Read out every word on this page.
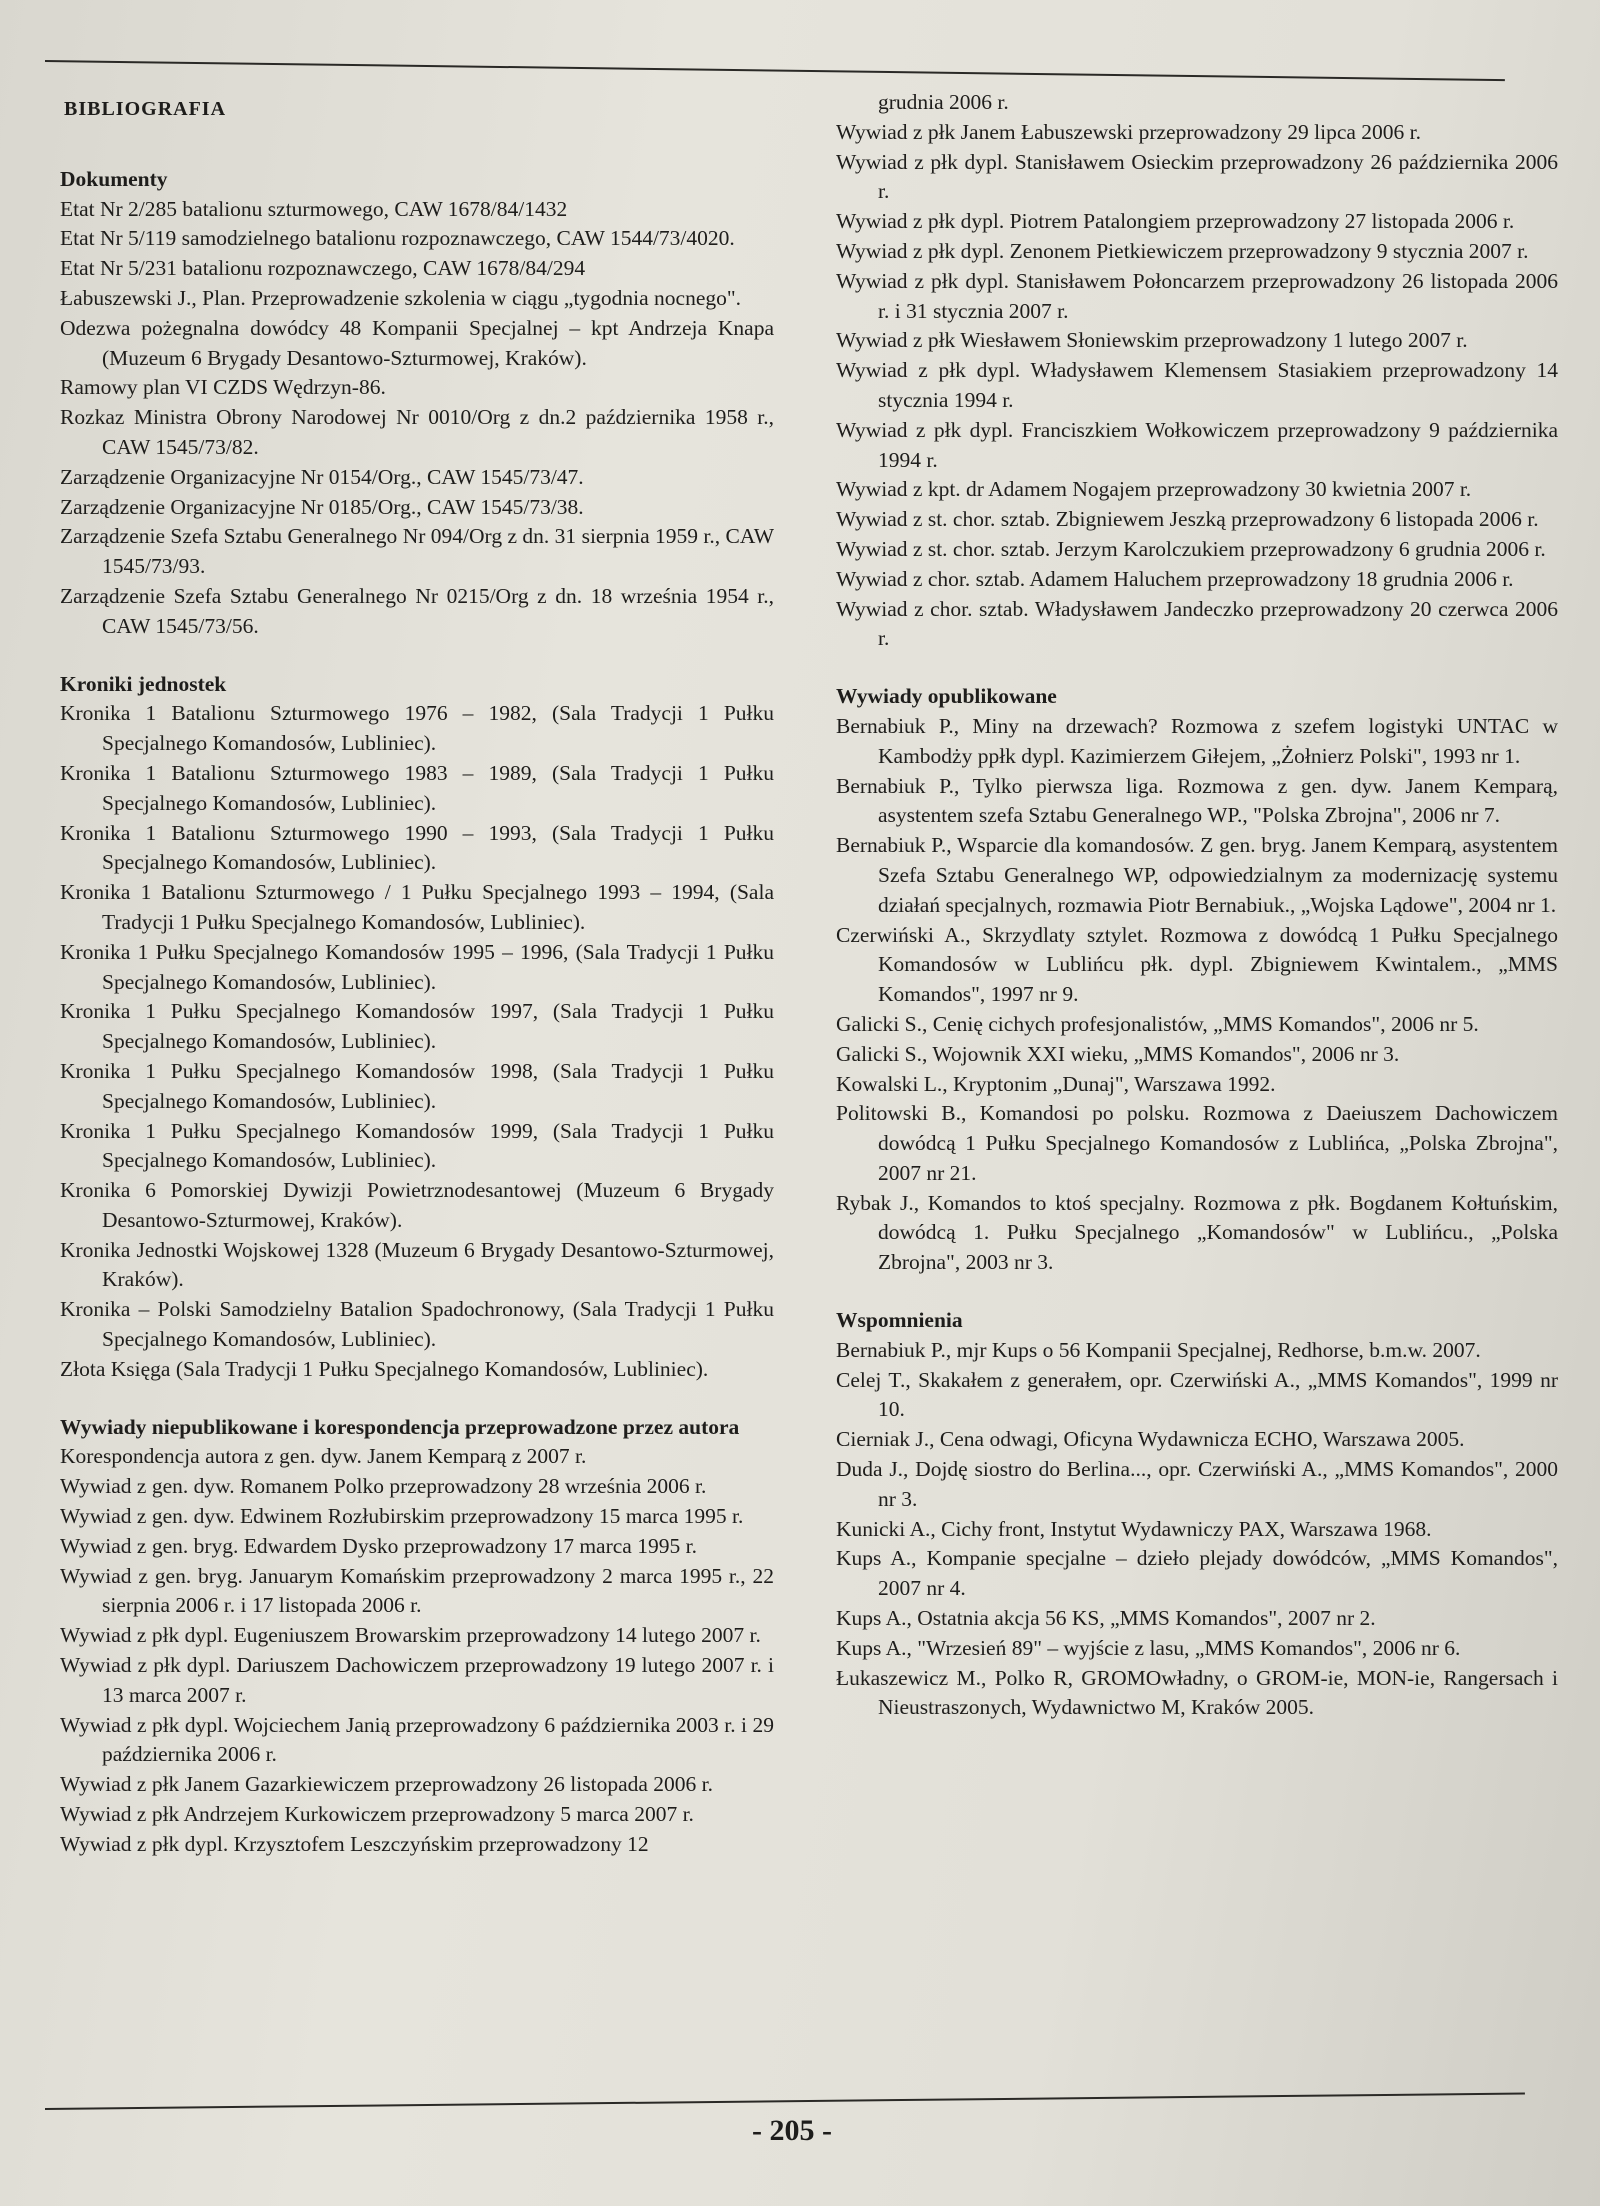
BIBLIOGRAFIA
Dokumenty

Etat Nr 2/285 batalionu szturmowego, CAW 1678/84/1432

Etat Nr 5/119 samodzielnego batalionu rozpoznawczego, CAW 1544/73/4020.

Etat Nr 5/231 batalionu rozpoznawczego, CAW 1678/84/294

Łabuszewski J., Plan. Przeprowadzenie szkolenia w ciągu „tygodnia nocnego".

Odezwa pożegnalna dowódcy 48 Kompanii Specjalnej – kpt Andrzeja Knapa (Muzeum 6 Brygady Desantowo-Szturmowej, Kraków).

Ramowy plan VI CZDS Wędrzyn-86.

Rozkaz Ministra Obrony Narodowej Nr 0010/Org z dn.2 października 1958 r., CAW 1545/73/82.

Zarządzenie Organizacyjne Nr 0154/Org., CAW 1545/73/47.

Zarządzenie Organizacyjne Nr 0185/Org., CAW 1545/73/38.

Zarządzenie Szefa Sztabu Generalnego Nr 094/Org z dn. 31 sierpnia 1959 r., CAW 1545/73/93.

Zarządzenie Szefa Sztabu Generalnego Nr 0215/Org z dn. 18 września 1954 r., CAW 1545/73/56.

Kroniki jednostek

Kronika 1 Batalionu Szturmowego 1976 – 1982, (Sala Tradycji 1 Pułku Specjalnego Komandosów, Lubliniec).

Kronika 1 Batalionu Szturmowego 1983 – 1989, (Sala Tradycji 1 Pułku Specjalnego Komandosów, Lubliniec).

Kronika 1 Batalionu Szturmowego 1990 – 1993, (Sala Tradycji 1 Pułku Specjalnego Komandosów, Lubliniec).

Kronika 1 Batalionu Szturmowego / 1 Pułku Specjalnego 1993 – 1994, (Sala Tradycji 1 Pułku Specjalnego Komandosów, Lubliniec).

Kronika 1 Pułku Specjalnego Komandosów 1995 – 1996, (Sala Tradycji 1 Pułku Specjalnego Komandosów, Lubliniec).

Kronika 1 Pułku Specjalnego Komandosów 1997, (Sala Tradycji 1 Pułku Specjalnego Komandosów, Lubliniec).

Kronika 1 Pułku Specjalnego Komandosów 1998, (Sala Tradycji 1 Pułku Specjalnego Komandosów, Lubliniec).

Kronika 1 Pułku Specjalnego Komandosów 1999, (Sala Tradycji 1 Pułku Specjalnego Komandosów, Lubliniec).

Kronika 6 Pomorskiej Dywizji Powietrznodesantowej (Muzeum 6 Brygady Desantowo-Szturmowej, Kraków).

Kronika Jednostki Wojskowej 1328 (Muzeum 6 Brygady Desantowo-Szturmowej, Kraków).

Kronika – Polski Samodzielny Batalion Spadochronowy, (Sala Tradycji 1 Pułku Specjalnego Komandosów, Lubliniec).

Złota Księga (Sala Tradycji 1 Pułku Specjalnego Komandosów, Lubliniec).

Wywiady niepublikowane i korespondencja przeprowadzone przez autora

Korespondencja autora z gen. dyw. Janem Kemparą z 2007 r.

Wywiad z gen. dyw. Romanem Polko przeprowadzony 28 września 2006 r.

Wywiad z gen. dyw. Edwinem Rozłubirskim przeprowadzony 15 marca 1995 r.

Wywiad z gen. bryg. Edwardem Dysko przeprowadzony 17 marca 1995 r.

Wywiad z gen. bryg. Januarym Komańskim przeprowadzony 2 marca 1995 r., 22 sierpnia 2006 r. i 17 listopada 2006 r.

Wywiad z płk dypl. Eugeniuszem Browarskim przeprowadzony 14 lutego 2007 r.

Wywiad z płk dypl. Dariuszem Dachowiczem przeprowadzony 19 lutego 2007 r. i 13 marca 2007 r.

Wywiad z płk dypl. Wojciechem Janią przeprowadzony 6 października 2003 r. i 29 października 2006 r.

Wywiad z płk Janem Gazarkiewiczem przeprowadzony 26 listopada 2006 r.

Wywiad z płk Andrzejem Kurkowiczem przeprowadzony 5 marca 2007 r.

Wywiad z płk dypl. Krzysztofem Leszczyńskim przeprowadzony 12

grudnia 2006 r.

Wywiad z płk Janem Łabuszewski przeprowadzony 29 lipca 2006 r.

Wywiad z płk dypl. Stanisławem Osieckim przeprowadzony 26 października 2006 r.

Wywiad z płk dypl. Piotrem Patalongiem przeprowadzony 27 listopada 2006 r.

Wywiad z płk dypl. Zenonem Pietkiewiczem przeprowadzony 9 stycznia 2007 r.

Wywiad z płk dypl. Stanisławem Połoncarzem przeprowadzony 26 listopada 2006 r. i 31 stycznia 2007 r.

Wywiad z płk Wiesławem Słoniewskim przeprowadzony 1 lutego 2007 r.

Wywiad z płk dypl. Władysławem Klemensem Stasiakiem przeprowadzony 14 stycznia 1994 r.

Wywiad z płk dypl. Franciszkiem Wołkowiczem przeprowadzony 9 października 1994 r.

Wywiad z kpt. dr Adamem Nogajem przeprowadzony 30 kwietnia 2007 r.

Wywiad z st. chor. sztab. Zbigniewem Jeszką przeprowadzony 6 listopada 2006 r.

Wywiad z st. chor. sztab. Jerzym Karolczukiem przeprowadzony 6 grudnia 2006 r.

Wywiad z chor. sztab. Adamem Haluchem przeprowadzony 18 grudnia 2006 r.

Wywiad z chor. sztab. Władysławem Jandeczko przeprowadzony 20 czerwca 2006 r.

Wywiady opublikowane

Bernabiuk P., Miny na drzewach? Rozmowa z szefem logistyki UNTAC w Kambodży ppłk dypl. Kazimierzem Giłejem, „Żołnierz Polski", 1993 nr 1.

Bernabiuk P., Tylko pierwsza liga. Rozmowa z gen. dyw. Janem Kemparą, asystentem szefa Sztabu Generalnego WP., "Polska Zbrojna", 2006 nr 7.

Bernabiuk P., Wsparcie dla komandosów. Z gen. bryg. Janem Kemparą, asystentem Szefa Sztabu Generalnego WP, odpowiedzialnym za modernizację systemu działań specjalnych, rozmawia Piotr Bernabiuk., „Wojska Lądowe", 2004 nr 1.

Czerwiński A., Skrzydlaty sztylet. Rozmowa z dowódcą 1 Pułku Specjalnego Komandosów w Lublińcu płk. dypl. Zbigniewem Kwintalem., „MMS Komandos", 1997 nr 9.

Galicki S., Cenię cichych profesjonalistów, „MMS Komandos", 2006 nr 5.

Galicki S., Wojownik XXI wieku, „MMS Komandos", 2006 nr 3.

Kowalski L., Kryptonim „Dunaj", Warszawa 1992.

Politowski B., Komandosi po polsku. Rozmowa z Daeiuszem Dachowiczem dowódcą 1 Pułku Specjalnego Komandosów z Lublińca, „Polska Zbrojna", 2007 nr 21.

Rybak J., Komandos to ktoś specjalny. Rozmowa z płk. Bogdanem Kołtuńskim, dowódcą 1. Pułku Specjalnego „Komandosów" w Lublińcu., „Polska Zbrojna", 2003 nr 3.

Wspomnienia

Bernabiuk P., mjr Kups o 56 Kompanii Specjalnej, Redhorse, b.m.w. 2007.

Celej T., Skakałem z generałem, opr. Czerwiński A., „MMS Komandos", 1999 nr 10.

Cierniak J., Cena odwagi, Oficyna Wydawnicza ECHO, Warszawa 2005.

Duda J., Dojdę siostro do Berlina..., opr. Czerwiński A., „MMS Komandos", 2000 nr 3.

Kunicki A., Cichy front, Instytut Wydawniczy PAX, Warszawa 1968.

Kups A., Kompanie specjalne – dzieło plejady dowódców, „MMS Komandos", 2007 nr 4.

Kups A., Ostatnia akcja 56 KS, „MMS Komandos", 2007 nr 2.

Kups A., "Wrzesień 89" – wyjście z lasu, „MMS Komandos", 2006 nr 6.

Łukaszewicz M., Polko R, GROMOwładny, o GROM-ie, MON-ie, Rangersach i Nieustraszonych, Wydawnictwo M, Kraków 2005.

- 205 -
